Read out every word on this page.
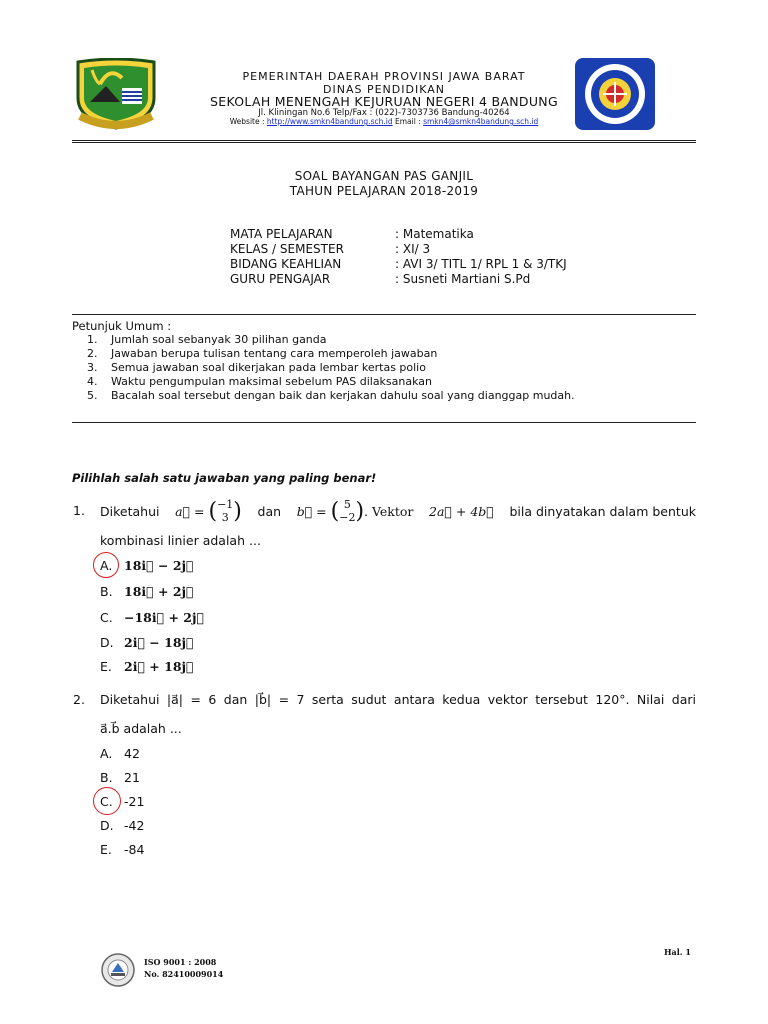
PEMERINTAH DAERAH PROVINSI JAWA BARAT
DINAS PENDIDIKAN
SEKOLAH MENENGAH KEJURUAN NEGERI 4 BANDUNG
Jl. Kliningan No.6 Telp/Fax : (022)-7303736 Bandung-40264
Website : http://www.smkn4bandung.sch.id Email : smkn4@smkn4bandung.sch.id
SOAL BAYANGAN PAS GANJIL
TAHUN PELAJARAN 2018-2019
MATA PELAJARAN	: Matematika
KELAS / SEMESTER	: XI/ 3
BIDANG KEAHLIAN	: AVI 3/ TITL 1/ RPL 1 & 3/TKJ
GURU PENGAJAR	: Susneti Martiani S.Pd
Petunjuk Umum :
1. Jumlah soal sebanyak 30 pilihan ganda
2. Jawaban berupa tulisan tentang cara memperoleh jawaban
3. Semua jawaban soal dikerjakan pada lembar kertas polio
4. Waktu pengumpulan maksimal sebelum PAS dilaksanakan
5. Bacalah soal tersebut dengan baik dan kerjakan dahulu soal yang dianggap mudah.
Pilihlah salah satu jawaban yang paling benar!
1. Diketahui a⃗ = ( −1
3 ) dan b⃗ = ( 5
−2 ) . Vektor 2a⃗ + 4b⃗ bila dinyatakan dalam bentuk
kombinasi linier adalah ...
A. 18i⃗ − 2j⃗
B. 18i⃗ + 2j⃗
C. −18i⃗ + 2j⃗
D. 2i⃗ − 18j⃗
E. 2i⃗ + 18j⃗
2. Diketahui |a⃗| = 6 dan |b⃗| = 7 serta sudut antara kedua vektor tersebut 120°. Nilai dari
a⃗.b⃗ adalah ...
A. 42
B. 21
C. -21
D. -42
E. -84
ISO 9001 : 2008
No. 82410009014
Hal. 1
